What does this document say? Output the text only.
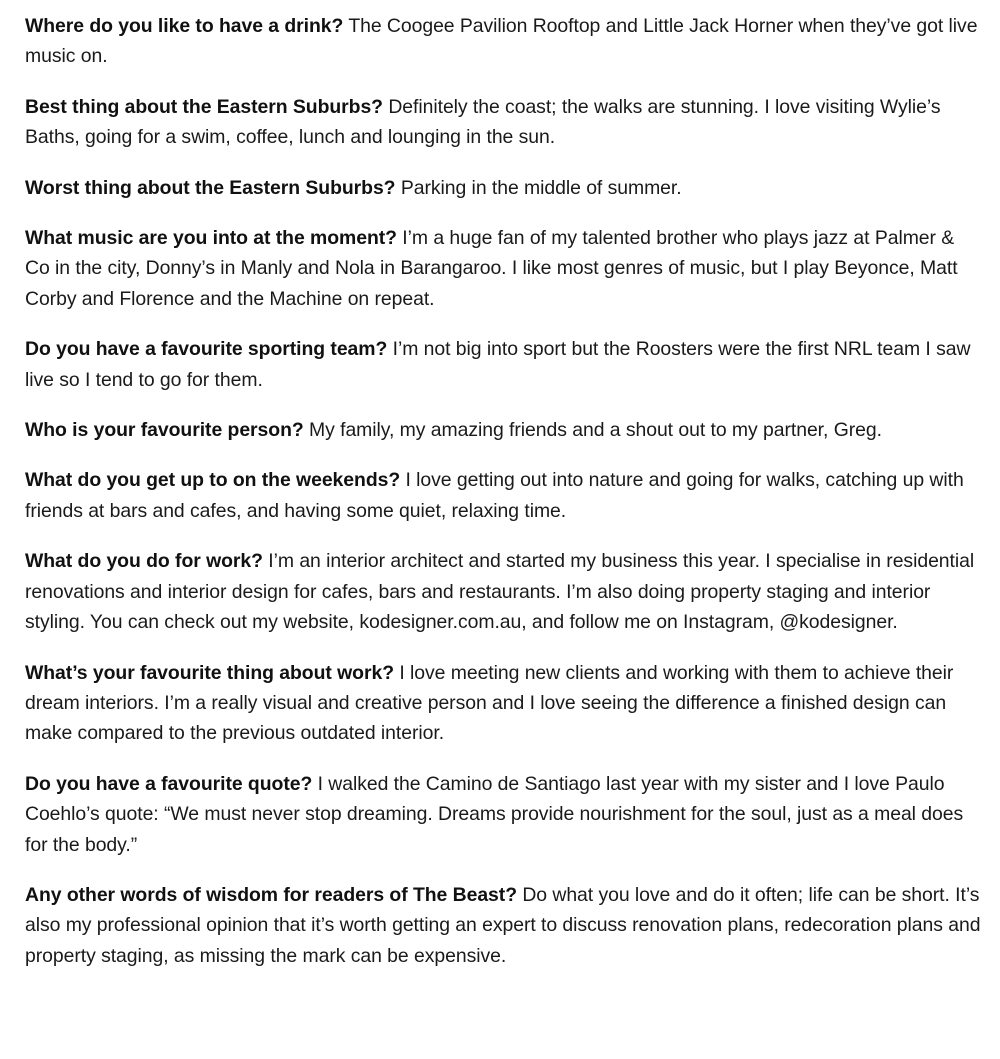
Where do you like to have a drink? The Coogee Pavilion Rooftop and Little Jack Horner when they’ve got live music on.

Best thing about the Eastern Suburbs? Definitely the coast; the walks are stunning. I love visiting Wylie’s Baths, going for a swim, coffee, lunch and lounging in the sun.

Worst thing about the Eastern Suburbs? Parking in the middle of summer.

What music are you into at the moment? I’m a huge fan of my talented brother who plays jazz at Palmer & Co in the city, Donny’s in Manly and Nola in Barangaroo. I like most genres of music, but I play Beyonce, Matt Corby and Florence and the Machine on repeat.

Do you have a favourite sporting team? I’m not big into sport but the Roosters were the first NRL team I saw live so I tend to go for them.

Who is your favourite person? My family, my amazing friends and a shout out to my partner, Greg.

What do you get up to on the weekends? I love getting out into nature and going for walks, catching up with friends at bars and cafes, and having some quiet, relaxing time.

What do you do for work? I’m an interior architect and started my business this year. I specialise in residential renovations and interior design for cafes, bars and restaurants. I’m also doing property staging and interior styling. You can check out my website, kodesigner.com.au, and follow me on Instagram, @kodesigner.

What’s your favourite thing about work? I love meeting new clients and working with them to achieve their dream interiors. I’m a really visual and creative person and I love seeing the difference a finished design can make compared to the previous outdated interior.

Do you have a favourite quote? I walked the Camino de Santiago last year with my sister and I love Paulo Coehlo’s quote: “We must never stop dreaming. Dreams provide nourishment for the soul, just as a meal does for the body.”

Any other words of wisdom for readers of The Beast? Do what you love and do it often; life can be short. It’s also my professional opinion that it’s worth getting an expert to discuss renovation plans, redecoration plans and property staging, as missing the mark can be expensive.
